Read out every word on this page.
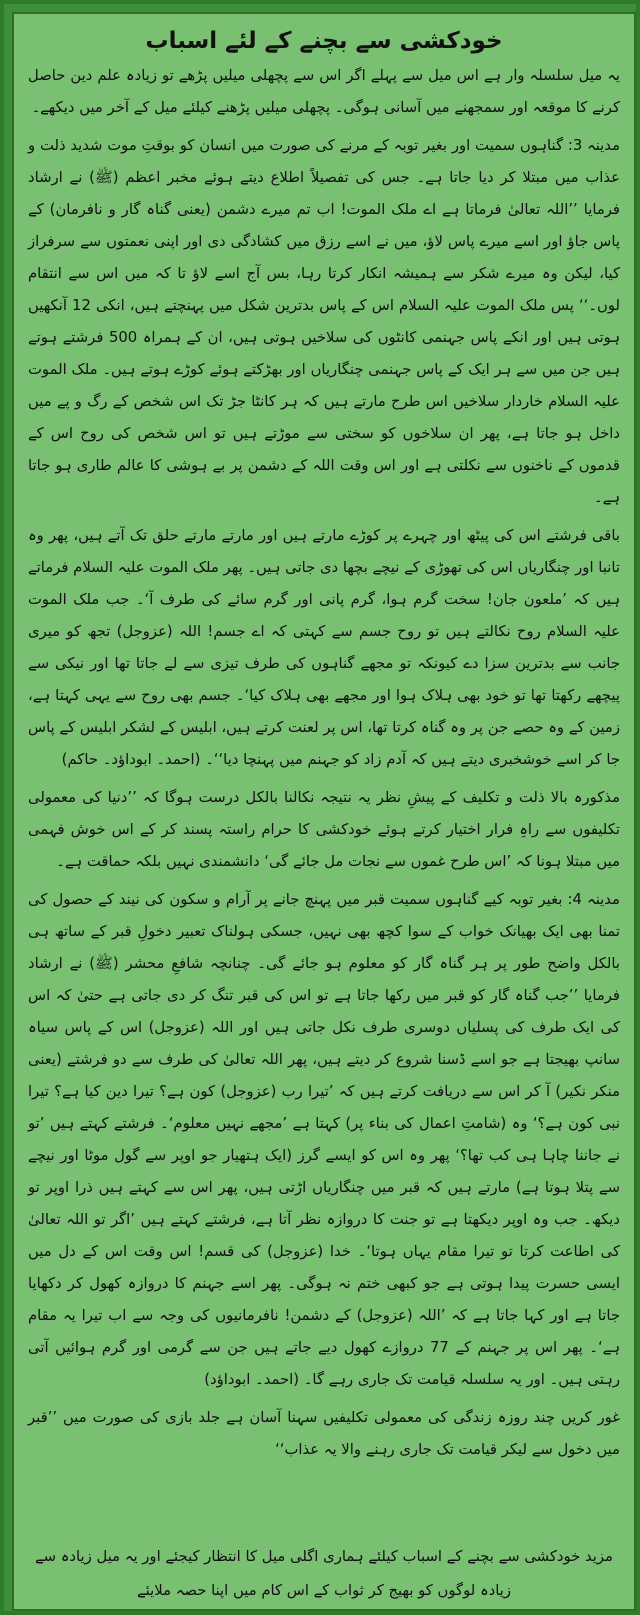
خودکشی سے بچنے کے لئے اسباب

یہ میل سلسلہ وار ہے اس میل سے پہلے اگر اس سے پچھلی میلیں پڑھے تو زیادہ علم دین حاصل کرنے کا موقعہ اور سمجھنے میں آسانی ہوگی۔ پچھلی میلیں پڑھنے کیلئے میل کے آخر میں دیکھے۔

مدینہ 3: گناہوں سمیت اور بغیر توبہ کے مرنے کی صورت میں انسان کو بوقتِ موت شدید ذلت و عذاب میں مبتلا کر دیا جاتا ہے۔ جس کی تفصیلاً اطلاع دیتے ہوئے مخبر اعظم (ﷺ) نے ارشاد فرمایا ’’اللہ تعالیٰ فرماتا ہے اے ملک الموت! اب تم میرے دشمن (یعنی گناہ گار و نافرمان) کے پاس جاؤ اور اسے میرے پاس لاؤ، میں نے اسے رزق میں کشادگی دی اور اپنی نعمتوں سے سرفراز کیا، لیکن وہ میرے شکر سے ہمیشہ انکار کرتا رہا، بس آج اسے لاؤ تا کہ میں اس سے انتقام لوں۔‘‘ پس ملک الموت علیہ السلام اس کے پاس بدترین شکل میں پہنچتے ہیں، انکی 12 آنکھیں ہوتی ہیں اور انکے پاس جہنمی کانٹوں کی سلاخیں ہوتی ہیں، ان کے ہمراہ 500 فرشتے ہوتے ہیں جن میں سے ہر ایک کے پاس جہنمی چنگاریاں اور بھڑکتے ہوئے کوڑے ہوتے ہیں۔ ملک الموت علیہ السلام خاردار سلاخیں اس طرح مارتے ہیں کہ ہر کانٹا جڑ تک اس شخص کے رگ و پے میں داخل ہو جاتا ہے، پھر ان سلاخوں کو سختی سے موڑتے ہیں تو اس شخص کی روح اس کے قدموں کے ناخنوں سے نکلتی ہے اور اس وقت اللہ کے دشمن پر بے ہوشی کا عالم طاری ہو جاتا ہے۔

باقی فرشتے اس کی پیٹھ اور چہرے پر کوڑے مارتے ہیں اور مارتے مارتے حلق تک آتے ہیں، پھر وہ تانبا اور چنگاریاں اس کی تھوڑی کے نیچے بچھا دی جاتی ہیں۔ پھر ملک الموت علیہ السلام فرماتے ہیں کہ ’ملعون جان! سخت گرم ہوا، گرم پانی اور گرم سائے کی طرف آ‘۔ جب ملک الموت علیہ السلام روح نکالتے ہیں تو روح جسم سے کہتی کہ اے جسم! اللہ (عزوجل) تجھ کو میری جانب سے بدترین سزا دے کیونکہ تو مجھے گناہوں کی طرف تیزی سے لے جاتا تھا اور نیکی سے پیچھے رکھتا تھا تو خود بھی ہلاک ہوا اور مجھے بھی ہلاک کیا‘۔ جسم بھی روح سے یہی کہتا ہے، زمین کے وہ حصے جن پر وہ گناہ کرتا تھا، اس پر لعنت کرتے ہیں، ابلیس کے لشکر ابلیس کے پاس جا کر اسے خوشخبری دیتے ہیں کہ آدم زاد کو جہنم میں پہنچا دیا‘‘۔ (احمد۔ ابوداؤد۔ حاکم)

مذکورہ بالا ذلت و تکلیف کے پیشِ نظر یہ نتیجہ نکالنا بالکل درست ہوگا کہ ’’دنیا کی معمولی تکلیفوں سے راہِ فرار اختیار کرتے ہوئے خودکشی کا حرام راستہ پسند کر کے اس خوش فہمی میں مبتلا ہونا کہ ’اس طرح غموں سے نجات مل جائے گی‘ دانشمندی نہیں بلکہ حماقت ہے۔

مدینہ 4: بغیر توبہ کیے گناہوں سمیت قبر میں پہنچ جانے پر آرام و سکون کی نیند کے حصول کی تمنا بھی ایک بھیانک خواب کے سوا کچھ بھی نہیں، جسکی ہولناک تعبیر دخولِ قبر کے ساتھ ہی بالکل واضح طور پر ہر گناہ گار کو معلوم ہو جائے گی۔ چنانچہ شافعِ محشر (ﷺ) نے ارشاد فرمایا ’’جب گناہ گار کو قبر میں رکھا جاتا ہے تو اس کی قبر تنگ کر دی جاتی ہے حتیٰ کہ اس کی ایک طرف کی پسلیاں دوسری طرف نکل جاتی ہیں اور اللہ (عزوجل) اس کے پاس سیاہ سانپ بھیجتا ہے جو اسے ڈسنا شروع کر دیتے ہیں، پھر اللہ تعالیٰ کی طرف سے دو فرشتے (یعنی منکر نکیر) آ کر اس سے دریافت کرتے ہیں کہ ’تیرا رب (عزوجل) کون ہے؟ تیرا دین کیا ہے؟ تیرا نبی کون ہے؟‘ وہ (شامتِ اعمال کی بناء پر) کہتا ہے ’مجھے نہیں معلوم‘۔ فرشتے کہتے ہیں ’تو نے جاننا چاہا ہی کب تھا؟‘ پھر وہ اس کو ایسے گرز (ایک ہتھیار جو اوپر سے گول موٹا اور نیچے سے پتلا ہوتا ہے) مارتے ہیں کہ قبر میں چنگاریاں اڑتی ہیں، پھر اس سے کہتے ہیں ذرا اوپر تو دیکھ۔ جب وہ اوپر دیکھتا ہے تو جنت کا دروازہ نظر آتا ہے، فرشتے کہتے ہیں ’اگر تو اللہ تعالیٰ کی اطاعت کرتا تو تیرا مقام یہاں ہوتا‘۔ خدا (عزوجل) کی قسم! اس وقت اس کے دل میں ایسی حسرت پیدا ہوتی ہے جو کبھی ختم نہ ہوگی۔ پھر اسے جہنم کا دروازہ کھول کر دکھایا جاتا ہے اور کہا جاتا ہے کہ ’اللہ (عزوجل) کے دشمن! نافرمانیوں کی وجہ سے اب تیرا یہ مقام ہے‘۔ پھر اس پر جہنم کے 77 دروازے کھول دیے جاتے ہیں جن سے گرمی اور گرم ہوائیں آتی رہتی ہیں۔ اور یہ سلسلہ قیامت تک جاری رہے گا۔ (احمد۔ ابوداؤد)

غور کریں چند روزہ زندگی کی معمولی تکلیفیں سہنا آسان ہے جلد بازی کی صورت میں ’’قبر میں دخول سے لیکر قیامت تک جاری رہنے والا یہ عذاب‘‘

مزید خودکشی سے بچنے کے اسباب کیلئے ہماری اگلی میل کا انتظار کیجئے اور یہ میل زیادہ سے زیادہ لوگوں کو بھیج کر ثواب کے اس کام میں اپنا حصہ ملایئے
